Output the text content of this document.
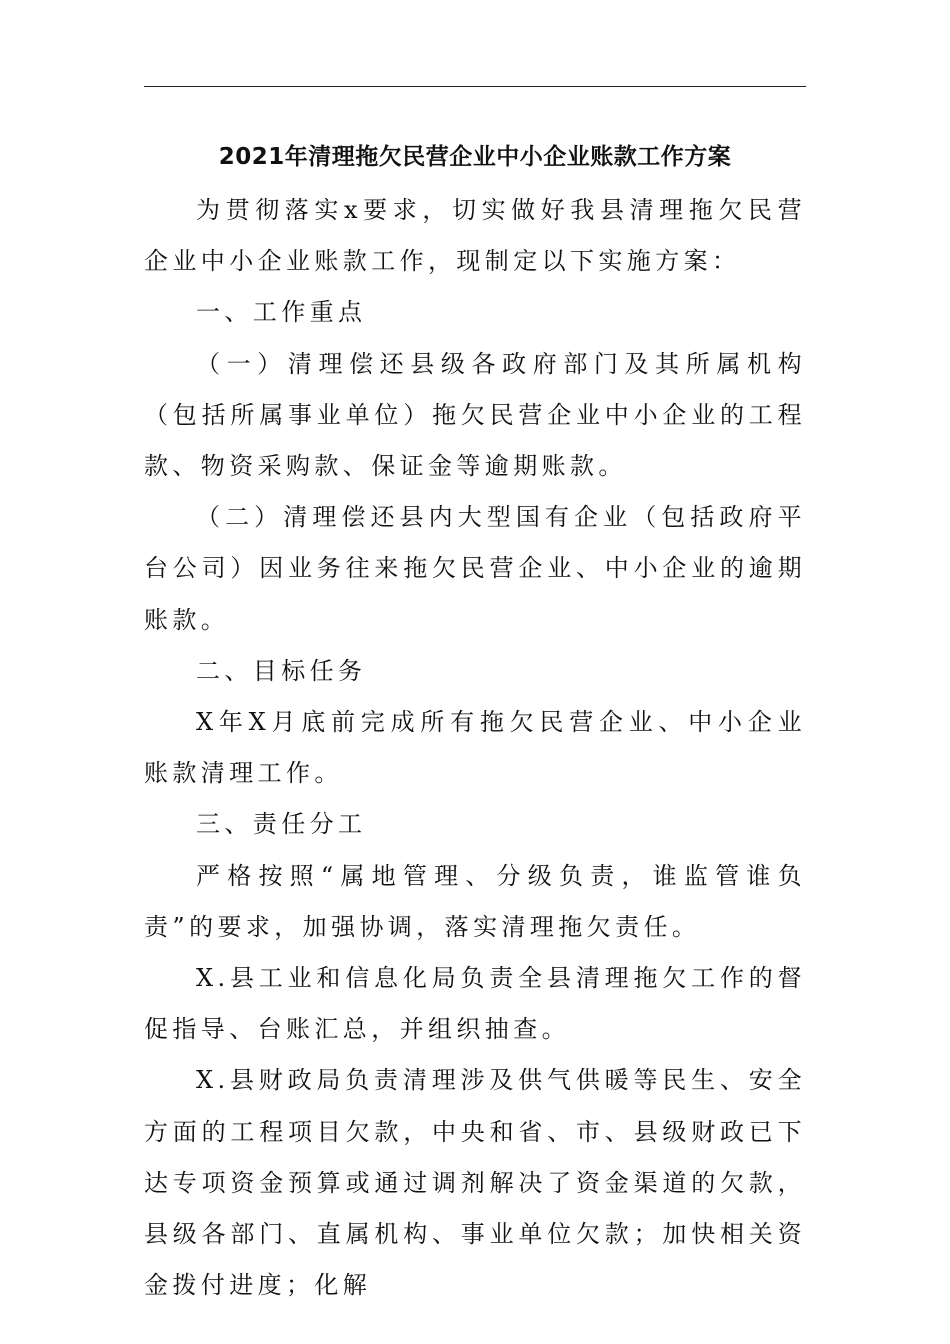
2021年清理拖欠民营企业中小企业账款工作方案

为贯彻落实x要求，切实做好我县清理拖欠民营企业中小企业账款工作，现制定以下实施方案：

一、工作重点

（一）清理偿还县级各政府部门及其所属机构（包括所属事业单位）拖欠民营企业中小企业的工程款、物资采购款、保证金等逾期账款。

（二）清理偿还县内大型国有企业（包括政府平台公司）因业务往来拖欠民营企业、中小企业的逾期账款。

二、目标任务

X年X月底前完成所有拖欠民营企业、中小企业账款清理工作。

三、责任分工

严格按照“属地管理、分级负责，谁监管谁负责”的要求，加强协调，落实清理拖欠责任。

X.县工业和信息化局负责全县清理拖欠工作的督促指导、台账汇总，并组织抽查。

X.县财政局负责清理涉及供气供暖等民生、安全方面的工程项目欠款，中央和省、市、县级财政已下达专项资金预算或通过调剂解决了资金渠道的欠款，县级各部门、直属机构、事业单位欠款；加快相关资金拨付进度；化解
